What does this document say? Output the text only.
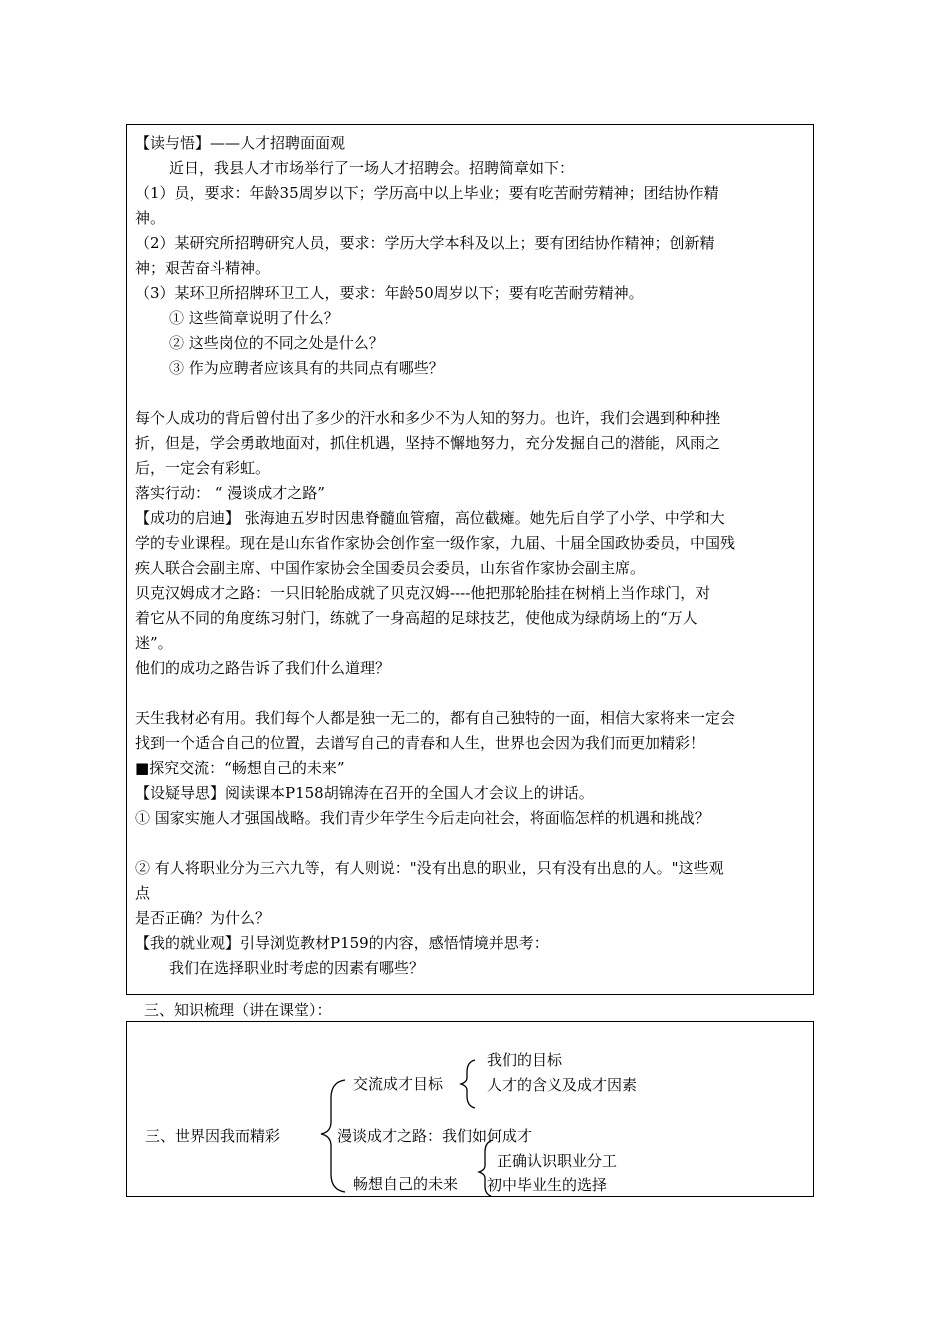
【读与悟】——人才招聘面面观
近日，我县人才市场举行了一场人才招聘会。招聘简章如下：
（1）员，要求：年龄35周岁以下；学历高中以上毕业；要有吃苦耐劳精神；团结协作精
神。
（2）某研究所招聘研究人员，要求：学历大学本科及以上；要有团结协作精神；创新精
神；艰苦奋斗精神。
（3）某环卫所招牌环卫工人，要求：年龄50周岁以下；要有吃苦耐劳精神。
① 这些简章说明了什么？
② 这些岗位的不同之处是什么？
③ 作为应聘者应该具有的共同点有哪些？
每个人成功的背后曾付出了多少的汗水和多少不为人知的努力。也许，我们会遇到种种挫
折，但是，学会勇敢地面对，抓住机遇，坚持不懈地努力，充分发掘自己的潜能，风雨之
后，一定会有彩虹。
落实行动： “ 漫谈成才之路”
【成功的启迪】 张海迪五岁时因患脊髓血管瘤，高位截瘫。她先后自学了小学、中学和大
学的专业课程。现在是山东省作家协会创作室一级作家，九届、十届全国政协委员，中国残
疾人联合会副主席、中国作家协会全国委员会委员，山东省作家协会副主席。
贝克汉姆成才之路：一只旧轮胎成就了贝克汉姆----他把那轮胎挂在树梢上当作球门，对
着它从不同的角度练习射门，练就了一身高超的足球技艺，使他成为绿荫场上的“万人
迷”。
他们的成功之路告诉了我们什么道理？
天生我材必有用。我们每个人都是独一无二的，都有自己独特的一面，相信大家将来一定会
找到一个适合自己的位置，去谱写自己的青春和人生，世界也会因为我们而更加精彩！
■探究交流：“畅想自己的未来”
【设疑导思】阅读课本P158胡锦涛在召开的全国人才会议上的讲话。
① 国家实施人才强国战略。我们青少年学生今后走向社会，将面临怎样的机遇和挑战？
② 有人将职业分为三六九等，有人则说："没有出息的职业，只有没有出息的人。"这些观
点
是否正确？为什么？
【我的就业观】引导浏览教材P159的内容，感悟情境并思考：
我们在选择职业时考虑的因素有哪些？
三、知识梳理（讲在课堂）：
三、世界因我而精彩
交流成才目标
我们的目标
人才的含义及成才因素
漫谈成才之路：我们如何成才
畅想自己的未来
正确认识职业分工
初中毕业生的选择
